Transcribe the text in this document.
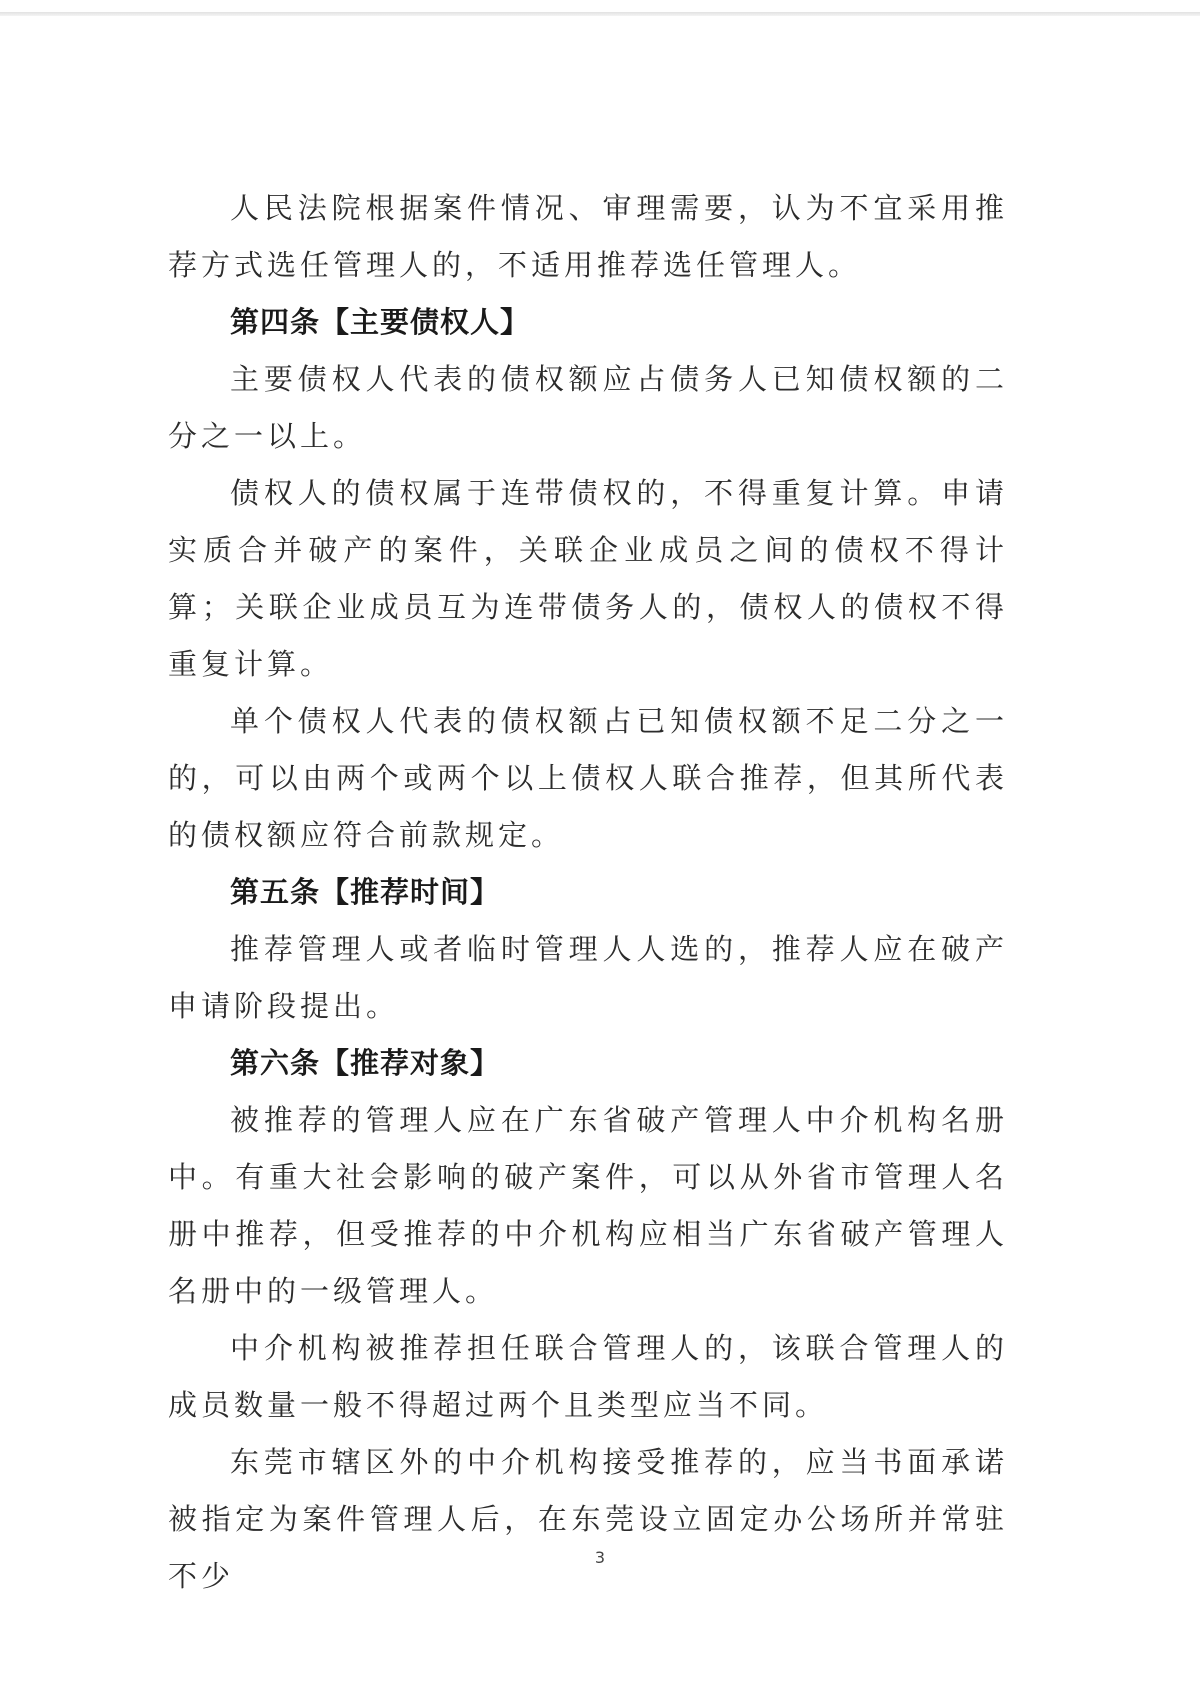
人民法院根据案件情况、审理需要，认为不宜采用推荐方式选任管理人的，不适用推荐选任管理人。

第四条【主要债权人】

主要债权人代表的债权额应占债务人已知债权额的二分之一以上。

债权人的债权属于连带债权的，不得重复计算。申请实质合并破产的案件，关联企业成员之间的债权不得计算；关联企业成员互为连带债务人的，债权人的债权不得重复计算。

单个债权人代表的债权额占已知债权额不足二分之一的，可以由两个或两个以上债权人联合推荐，但其所代表的债权额应符合前款规定。

第五条【推荐时间】

推荐管理人或者临时管理人人选的，推荐人应在破产申请阶段提出。

第六条【推荐对象】

被推荐的管理人应在广东省破产管理人中介机构名册中。有重大社会影响的破产案件，可以从外省市管理人名册中推荐，但受推荐的中介机构应相当广东省破产管理人名册中的一级管理人。

中介机构被推荐担任联合管理人的，该联合管理人的成员数量一般不得超过两个且类型应当不同。

东莞市辖区外的中介机构接受推荐的，应当书面承诺被指定为案件管理人后，在东莞设立固定办公场所并常驻不少

3
